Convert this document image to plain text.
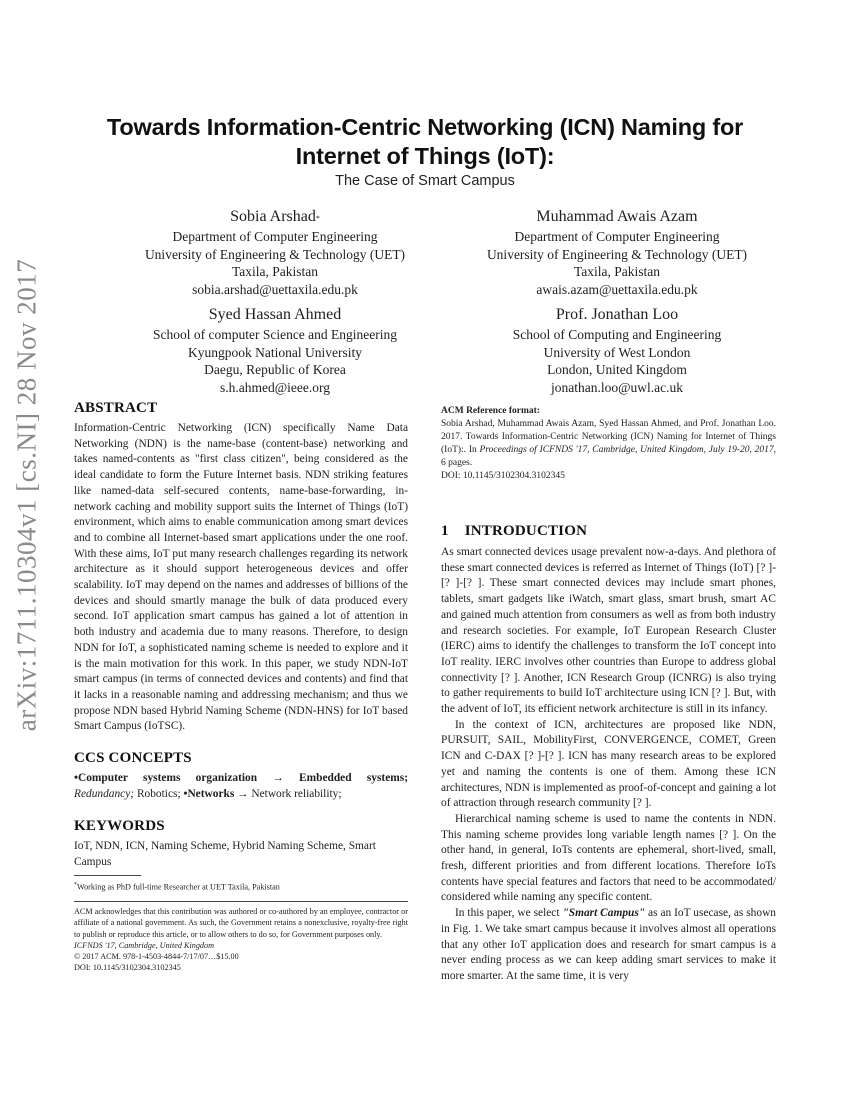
arXiv:1711.10304v1 [cs.NI] 28 Nov 2017
Towards Information-Centric Networking (ICN) Naming for
Internet of Things (IoT):
The Case of Smart Campus
Sobia Arshad*
Department of Computer Engineering
University of Engineering & Technology (UET)
Taxila, Pakistan
sobia.arshad@uettaxila.edu.pk
Muhammad Awais Azam
Department of Computer Engineering
University of Engineering & Technology (UET)
Taxila, Pakistan
awais.azam@uettaxila.edu.pk
Syed Hassan Ahmed
School of computer Science and Engineering
Kyungpook National University
Daegu, Republic of Korea
s.h.ahmed@ieee.org
Prof. Jonathan Loo
School of Computing and Engineering
University of West London
London, United Kingdom
jonathan.loo@uwl.ac.uk
ABSTRACT

Information-Centric Networking (ICN) specifically Name Data Networking (NDN) is the name-base (content-base) networking and takes named-contents as "first class citizen", being considered as the ideal candidate to form the Future Internet basis. NDN striking features like named-data self-secured contents, name-base-forwarding, in-network caching and mobility support suits the Internet of Things (IoT) environment, which aims to enable communication among smart devices and to combine all Internet-based smart applications under the one roof. With these aims, IoT put many research challenges regarding its network architecture as it should support heterogeneous devices and offer scalability. IoT may depend on the names and addresses of billions of the devices and should smartly manage the bulk of data produced every second. IoT application smart campus has gained a lot of attention in both industry and academia due to many reasons. Therefore, to design NDN for IoT, a sophisticated naming scheme is needed to explore and it is the main motivation for this work. In this paper, we study NDN-IoT smart campus (in terms of connected devices and contents) and find that it lacks in a reasonable naming and addressing mechanism; and thus we propose NDN based Hybrid Naming Scheme (NDN-HNS) for IoT based Smart Campus (IoTSC).

CCS CONCEPTS
•Computer systems organization → Embedded systems; Redundancy; Robotics; •Networks → Network reliability;
KEYWORDS
IoT, NDN, ICN, Naming Scheme, Hybrid Naming Scheme, Smart Campus
*Working as PhD full-time Researcher at UET Taxila, Pakistan

ACM acknowledges that this contribution was authored or co-authored by an employee, contractor or affiliate of a national government. As such, the Government retains a nonexclusive, royalty-free right to publish or reproduce this article, or to allow others to do so, for Government purposes only.

ICFNDS '17, Cambridge, United Kingdom

© 2017 ACM. 978-1-4503-4844-7/17/07…$15.00

DOI: 10.1145/3102304.3102345

ACM Reference format:
Sobia Arshad, Muhammad Awais Azam, Syed Hassan Ahmed, and Prof. Jonathan Loo. 2017. Towards Information-Centric Networking (ICN) Naming for Internet of Things (IoT):. In Proceedings of ICFNDS '17, Cambridge, United Kingdom, July 19-20, 2017, 6 pages.
DOI: 10.1145/3102304.3102345
1 INTRODUCTION

As smart connected devices usage prevalent now-a-days. And plethora of these smart connected devices is referred as Internet of Things (IoT) [? ]-[? ]-[? ]. These smart connected devices may include smart phones, tablets, smart gadgets like iWatch, smart glass, smart brush, smart AC and gained much attention from consumers as well as from both industry and research societies. For example, IoT European Research Cluster (IERC) aims to identify the challenges to transform the IoT concept into IoT reality. IERC involves other countries than Europe to address global connectivity [? ]. Another, ICN Research Group (ICNRG) is also trying to gather requirements to build IoT architecture using ICN [? ]. But, with the advent of IoT, its efficient network architecture is still in its infancy.

In the context of ICN, architectures are proposed like NDN, PURSUIT, SAIL, MobilityFirst, CONVERGENCE, COMET, Green ICN and C-DAX [? ]-[? ]. ICN has many research areas to be explored yet and naming the contents is one of them. Among these ICN architectures, NDN is implemented as proof-of-concept and gaining a lot of attraction through research community [? ].

Hierarchical naming scheme is used to name the contents in NDN. This naming scheme provides long variable length names [? ]. On the other hand, in general, IoTs contents are ephemeral, short-lived, small, fresh, different priorities and from different locations. Therefore IoTs contents have special features and factors that need to be accommodated/ considered while naming any specific content.

In this paper, we select "Smart Campus" as an IoT usecase, as shown in Fig. 1. We take smart campus because it involves almost all operations that any other IoT application does and research for smart campus is a never ending process as we can keep adding smart services to make it more smarter. At the same time, it is very
